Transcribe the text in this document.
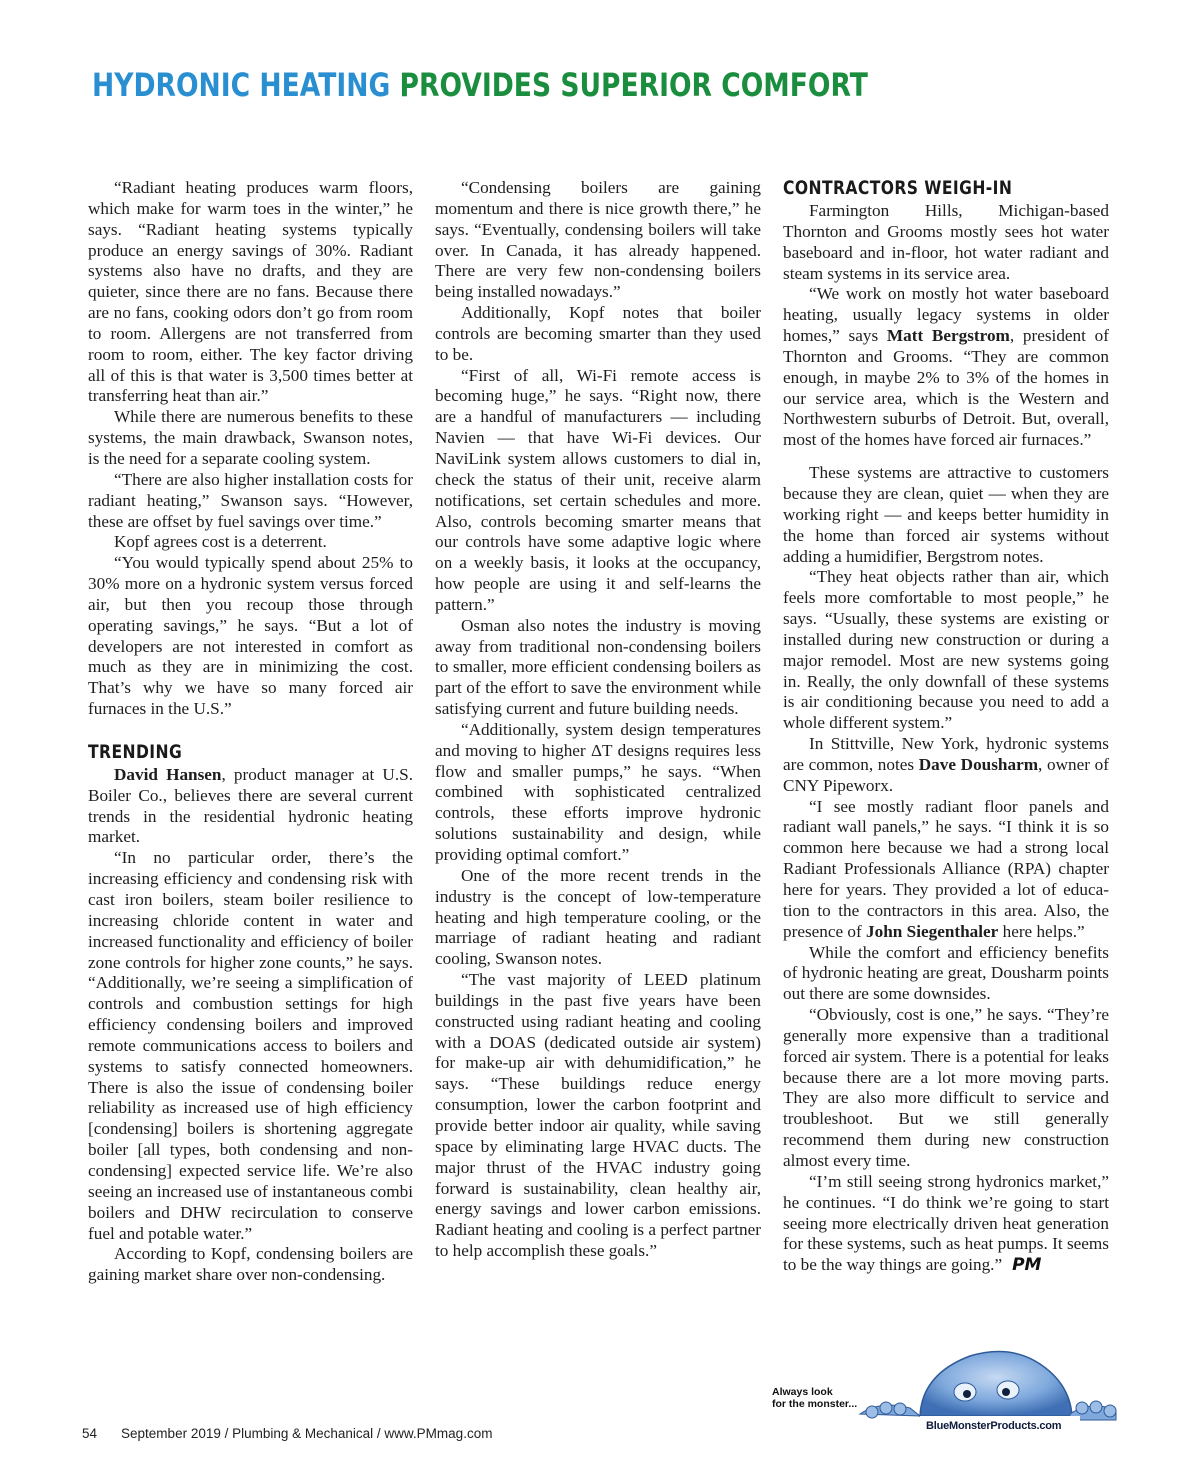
HYDRONIC HEATING PROVIDES SUPERIOR COMFORT

“Radiant heating produces warm floors, which make for warm toes in the winter,” he says. “Radiant heating systems typically produce an energy savings of 30%. Radiant systems also have no drafts, and they are quieter, since there are no fans. Because there are no fans, cooking odors don’t go from room to room. Allergens are not transferred from room to room, either. The key factor driving all of this is that water is 3,500 times better at transferring heat than air.”

While there are numerous benefits to these systems, the main drawback, Swanson notes, is the need for a separate cooling system.

“There are also higher installation costs for radiant heating,” Swanson says. “However, these are offset by fuel savings over time.”

Kopf agrees cost is a deterrent.

“You would typically spend about 25% to 30% more on a hydronic system versus forced air, but then you recoup those through operating savings,” he says. “But a lot of developers are not interested in comfort as much as they are in minimizing the cost. That’s why we have so many forced air furnaces in the U.S.”

TRENDING

David Hansen, product manager at U.S. Boiler Co., believes there are several current trends in the residential hydronic heating market.

“In no particular order, there’s the increasing efficiency and condensing risk with cast iron boilers, steam boiler resilience to increasing chloride content in water and increased functionality and efficiency of boiler zone controls for higher zone counts,” he says. “Additionally, we’re seeing a simplification of controls and combustion settings for high efficiency condensing boilers and improved remote communications access to boilers and systems to satisfy connected homeowners. There is also the issue of condensing boiler reliability as increased use of high efficiency [condensing] boilers is shortening aggregate boiler [all types, both condensing and non-condensing] expected service life. We’re also seeing an increased use of instantaneous combi boilers and DHW recirculation to conserve fuel and potable water.”

According to Kopf, condensing boilers are gaining market share over non-condensing.

“Condensing boilers are gaining momentum and there is nice growth there,” he says. “Eventually, condensing boilers will take over. In Canada, it has already happened. There are very few non-condensing boilers being installed nowadays.”

Additionally, Kopf notes that boiler controls are becoming smarter than they used to be.

“First of all, Wi-Fi remote access is becoming huge,” he says. “Right now, there are a handful of manufacturers — including Navien — that have Wi-Fi devices. Our NaviLink system allows customers to dial in, check the status of their unit, receive alarm notifications, set certain schedules and more. Also, controls becoming smarter means that our controls have some adaptive logic where on a weekly basis, it looks at the occupancy, how people are using it and self-learns the pattern.”

Osman also notes the industry is moving away from traditional non-condensing boilers to smaller, more efficient condensing boilers as part of the effort to save the environment while satisfying current and future building needs.

“Additionally, system design temperatures and moving to higher ΔT designs requires less flow and smaller pumps,” he says. “When combined with sophisticated centralized controls, these efforts improve hydronic solutions sustainability and design, while providing optimal comfort.”

One of the more recent trends in the industry is the concept of low-temperature heating and high temperature cooling, or the marriage of radiant heating and radiant cooling, Swanson notes.

“The vast majority of LEED platinum buildings in the past five years have been constructed using radiant heating and cooling with a DOAS (dedicated outside air system) for make-up air with dehumidification,” he says. “These buildings reduce energy consumption, lower the carbon footprint and provide better indoor air quality, while saving space by eliminating large HVAC ducts. The major thrust of the HVAC industry going forward is sustainability, clean healthy air, energy savings and lower carbon emissions. Radiant heating and cooling is a perfect partner to help accomplish these goals.”

CONTRACTORS WEIGH-IN

Farmington Hills, Michigan-based Thornton and Grooms mostly sees hot water baseboard and in-floor, hot water radiant and steam systems in its service area.

“We work on mostly hot water baseboard heating, usually legacy systems in older homes,” says Matt Bergstrom, president of Thornton and Grooms. “They are common enough, in maybe 2% to 3% of the homes in our service area, which is the Western and Northwestern suburbs of Detroit. But, overall, most of the homes have forced air furnaces.”

These systems are attractive to customers because they are clean, quiet — when they are working right — and keeps better humidity in the home than forced air systems without adding a humidifier, Bergstrom notes.

“They heat objects rather than air, which feels more comfortable to most people,” he says. “Usually, these systems are existing or installed during new construction or during a major remodel. Most are new systems going in. Really, the only downfall of these systems is air conditioning because you need to add a whole different system.”

In Stittville, New York, hydronic systems are common, notes Dave Dousharm, owner of CNY Pipeworx.

“I see mostly radiant floor panels and radiant wall panels,” he says. “I think it is so common here because we had a strong local Radiant Professionals Alliance (RPA) chapter here for years. They provided a lot of education to the contractors in this area. Also, the presence of John Siegenthaler here helps.”

While the comfort and efficiency benefits of hydronic heating are great, Dousharm points out there are some downsides.

“Obviously, cost is one,” he says. “They’re generally more expensive than a traditional forced air system. There is a potential for leaks because there are a lot more moving parts. They are also more difficult to service and troubleshoot. But we still generally recommend them during new construction almost every time.

“I’m still seeing strong hydronics market,” he continues. “I do think we’re going to start seeing more electrically driven heat generation for these systems, such as heat pumps. It seems to be the way things are going.” PM

Always look
for the monster...

BlueMonsterProducts.com

54 September 2019 / Plumbing & Mechanical / www.PMmag.com
